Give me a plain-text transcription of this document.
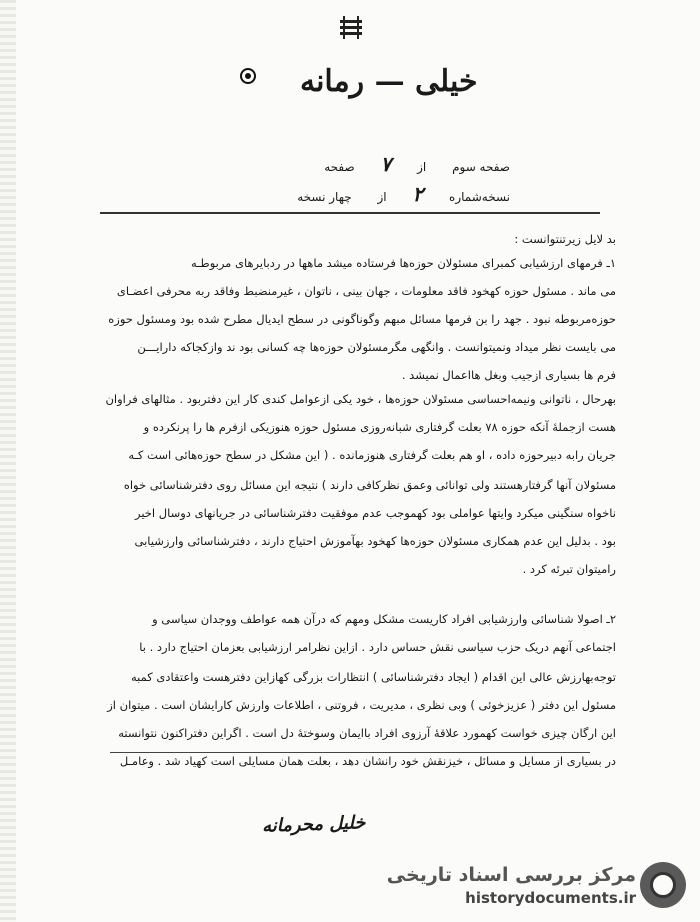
خیلی — رمانه
صفحه سوم از ۷ صفحه
نسخه‌شماره ۲ از چهار نسخه
بد لایل زیرتنتوانست :
۱ـ فرمهای ارزشیابی کمبرای مسئولان حوزه‌ها فرستاده میشد ماهها در ردبایرهای مربوطـه
می ماند . مسئول حوزه کهخود فاقد معلومات ، جهان بینی ، ناتوان ، غیرمنضبط وفاقد ربه محرفی اعضـای
حوزه‌مربوطه نبود . جهد را بن فرمها مسائل مبهم وگوناگونی در سطح ایدیال مطرح شده بود ومسئول حوزه
می بایست نظر میداد ونمیتوانست . وانگهی مگرمسئولان حوزه‌ها چه کسانی بود ند وازکجاکه دارایـــن
فرم ها بسیاری ازجیب وبغل هااعمال نمیشد .
بهرحال ، ناتوانی ونیمه‌احساسی مسئولان حوزه‌ها ، خود یکی ازعوامل کندی کار این دفتربود . مثالهای فراوان
هست ازجملهٔ آنکه حوزه ۷۸ بعلت گرفتاری شبانه‌روزی مسئول حوزه هنوزیکی ازفرم ها را پرنکرده و
جریان رابه دبیرحوزه داده ، او هم بعلت گرفتاری هنوزمانده . ( این مشکل در سطح حوزه‌هائی است کـه
مسئولان آنها گرفتارهستند ولی توانائی وعمق نظرکافی دارند ) نتیجه این مسائل روی دفترشناسائی خواه
ناخواه سنگینی میکرد وایتها عواملی بود کهموجب عدم موفقیت دفترشناسائی در جریانهای دوسال اخیر
بود . بدلیل این عدم همکاری مسئولان حوزه‌ها کهخود بهآموزش احتیاج دارند ، دفترشناسائی وارزشیابی
رامیتوان تبرئه کرد .
۲ـ اصولا شناسائی وارزشیابی افراد کاریست مشکل ومهم که درآن همه عواطف ووجدان سیاسی و
اجتماعی آنهم دریک حزب سیاسی نقش حساس دارد . ازاین نظرامر ارزشیابی بعزمان احتیاج دارد . با
توجه‌بهارزش عالی این اقدام ( ایجاد دفترشناسائی ) انتظارات بزرگی کهازاین دفترهست واعتقادی کمبه
مسئول این دفتر ( عزیزخوئی ) وبی نظری ، مدیریت ، فروتنی ، اطلاعات وارزش کارایشان است . میتوان از
این ارگان چیزی خواست کهمورد علاقهٔ آرزوی افراد باایمان وسوختهٔ دل است . اگراین دفتراکنون نتوانسته
در بسیاری از مسایل و مسائل ، خیزنقش خود رانشان دهد ، بعلت همان مسایلی است کهیاد شد . وعامـل
خلیل محرمانه
مرکز بررسی اسناد تاریخی
historydocuments.ir
